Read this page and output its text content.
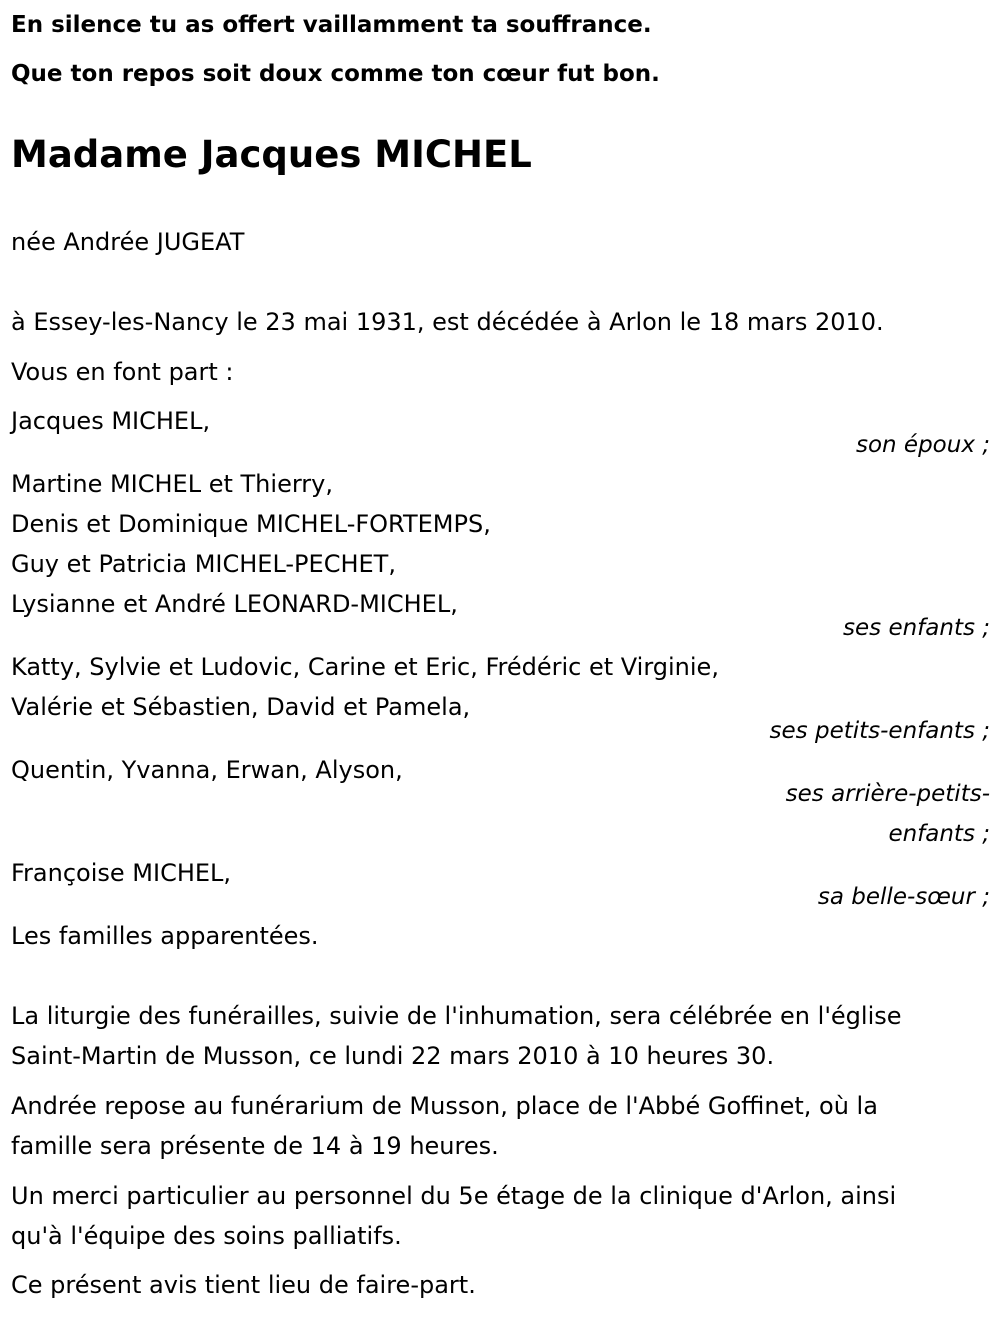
En silence tu as offert vaillamment ta souffrance.
Que ton repos soit doux comme ton cœur fut bon.
Madame Jacques MICHEL
née Andrée JUGEAT
à Essey-les-Nancy le 23 mai 1931, est décédée à Arlon le 18 mars 2010.
Vous en font part :
Jacques MICHEL,
son époux ;
Martine MICHEL et Thierry,
Denis et Dominique MICHEL-FORTEMPS,
Guy et Patricia MICHEL-PECHET,
Lysianne et André LEONARD-MICHEL,
ses enfants ;
Katty, Sylvie et Ludovic, Carine et Eric, Frédéric et Virginie,
Valérie et Sébastien, David et Pamela,
ses petits-enfants ;
Quentin, Yvanna, Erwan, Alyson,
ses arrière-petits-
enfants ;
Françoise MICHEL,
sa belle-sœur ;
Les familles apparentées.
La liturgie des funérailles, suivie de l'inhumation, sera célébrée en l'église
Saint-Martin de Musson, ce lundi 22 mars 2010 à 10 heures 30.
Andrée repose au funérarium de Musson, place de l'Abbé Goffinet, où la
famille sera présente de 14 à 19 heures.
Un merci particulier au personnel du 5e étage de la clinique d'Arlon, ainsi
qu'à l'équipe des soins palliatifs.
Ce présent avis tient lieu de faire-part.
